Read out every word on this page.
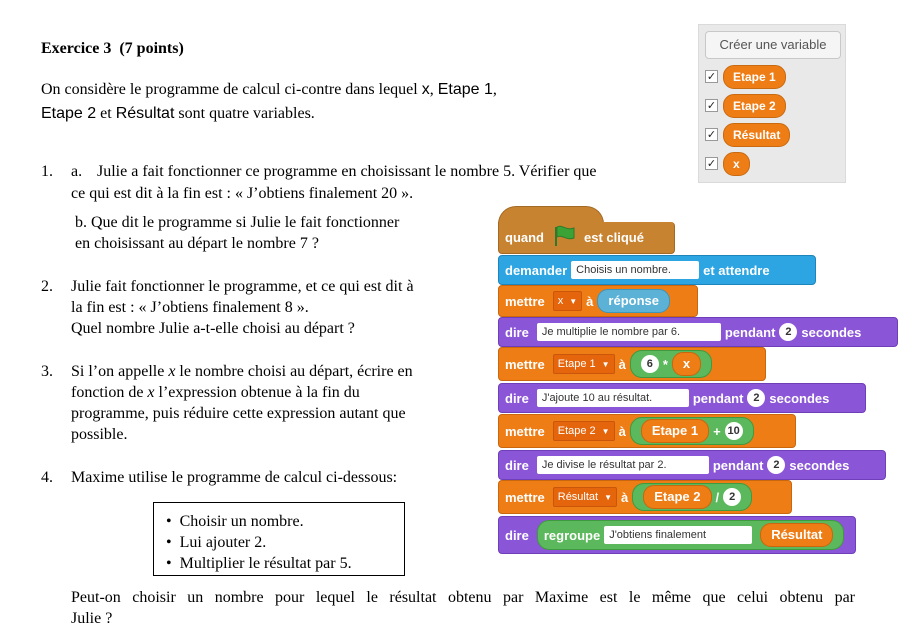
Exercice 3 (7 points)
On considère le programme de calcul ci-contre dans lequel x, Etape 1,
Etape 2 et Résultat sont quatre variables.
1. a. Julie a fait fonctionner ce programme en choisissant le nombre 5. Vérifier que
ce qui est dit à la fin est : « J’obtiens finalement 20 ».
b. Que dit le programme si Julie le fait fonctionner
en choisissant au départ le nombre 7 ?
2. Julie fait fonctionner le programme, et ce qui est dit à
la fin est : « J’obtiens finalement 8 ».
Quel nombre Julie a-t-elle choisi au départ ?
3. Si l’on appelle x le nombre choisi au départ, écrire en
fonction de x l’expression obtenue à la fin du
programme, puis réduire cette expression autant que
possible.
4. Maxime utilise le programme de calcul ci-dessous:
• Choisir un nombre.
• Lui ajouter 2.
• Multiplier le résultat par 5.
Peut-on choisir un nombre pour lequel le résultat obtenu par Maxime est le même que celui obtenu par
Julie ?
Créer une variable
✓	Etape 1
✓	Etape 2
✓	Résultat
✓	x
quand	est cliqué
demander Choisis un nombre.	et attendre
mettre	x ▼ à	réponse
dire	Je multiplie le nombre par 6.	pendant 2 secondes
mettre	Etape 1 ▼ à	6 *	x
dire	J'ajoute 10 au résultat.	pendant 2 secondes
mettre	Etape 2 ▼ à	Etape 1	+ 10
dire	Je divise le résultat par 2.	pendant 2 secondes
mettre	Résultat ▼ à	Etape 2	/ 2
dire regroupe J'obtiens finalement	Résultat
